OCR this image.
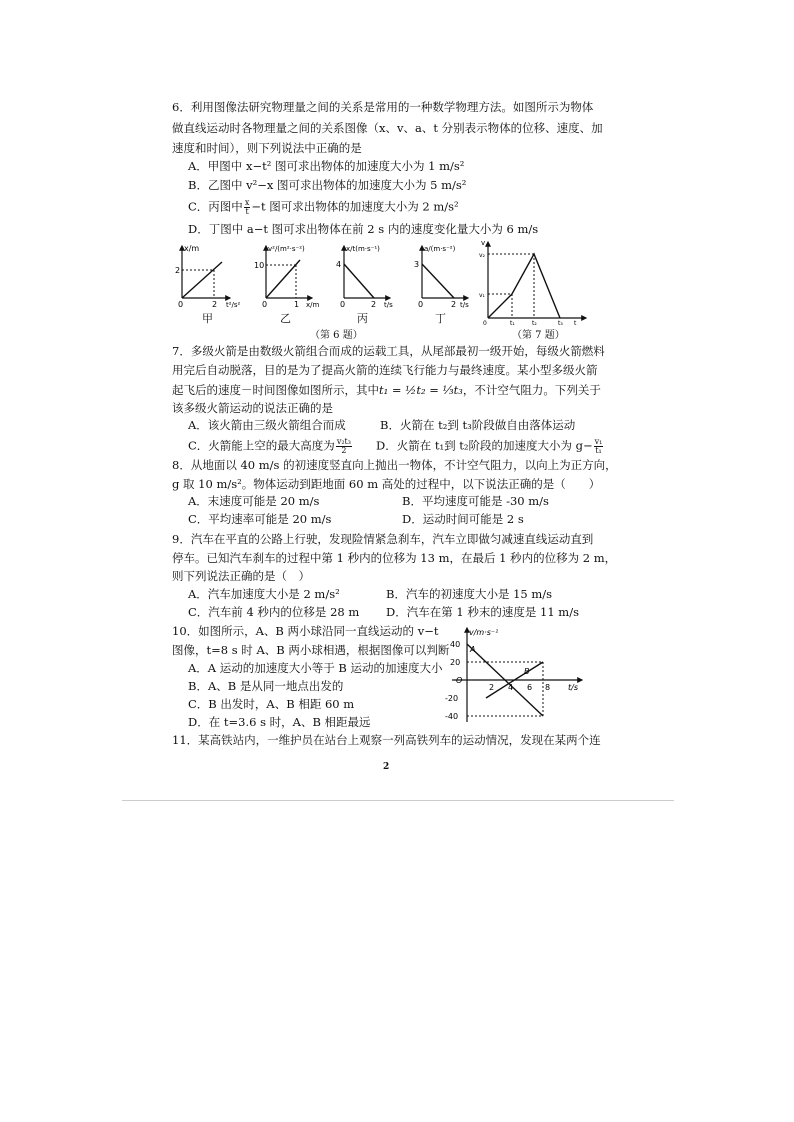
6．利用图像法研究物理量之间的关系是常用的一种数学物理方法。如图所示为物体
做直线运动时各物理量之间的关系图像（x、v、a、t 分别表示物体的位移、速度、加
速度和时间），则下列说法中正确的是
A．甲图中 x−t² 图可求出物体的加速度大小为 1 m/s²
B．乙图中 v²−x 图可求出物体的加速度大小为 5 m/s²
C．丙图中 $\frac{x}{t} -t$ 图可求出物体的加速度大小为 2 m/s²
D．丁图中 a−t 图可求出物体在前 2 s 内的速度变化量大小为 6 m/s
x/m
2
2 t²/s²
0
v²/(m²·s⁻²)
10
1 x/m
0
x/t(m·s⁻¹)
4
2 t/s
0
a/(m·s⁻²)
3
2 t/s
0
甲	乙	丙	丁
（第 6 题）
v
v₁
v₂
t₁	t₂	t₃ t
0
（第 7 题）
7．多级火箭是由数级火箭组合而成的运载工具，从尾部最初一级开始，每级火箭燃料
用完后自动脱落，目的是为了提高火箭的连续飞行能力与最终速度。某小型多级火箭
起飞后的速度－时间图像如图所示，其中t₁ = ½t₂ = ⅓t₃，不计空气阻力。下列关于
该多级火箭运动的说法正确的是
A．该火箭由三级火箭组合而成	B．火箭在 t₂到 t₃阶段做自由落体运动
C．火箭能上空的最大高度为 $\frac{\text{v₂t₃}}{2}$ D．火箭在 t₁到 t₂阶段的加速度大小为 $g- \frac{\text{v₁}}{\text{t₁}}$
8．从地面以 40 m/s 的初速度竖直向上抛出一物体，不计空气阻力，以向上为正方向，
g 取 10 m/s²。物体运动到距地面 60 m 高处的过程中，以下说法正确的是（　　）
A．末速度可能是 20 m/s	B．平均速度可能是 -30 m/s
C．平均速率可能是 20 m/s	D．运动时间可能是 2 s
9．汽车在平直的公路上行驶，发现险情紧急刹车，汽车立即做匀减速直线运动直到
停车。已知汽车刹车的过程中第 1 秒内的位移为 13 m，在最后 1 秒内的位移为 2 m，
则下列说法正确的是（　）
A．汽车加速度大小是 2 m/s²	B．汽车的初速度大小是 15 m/s
C．汽车前 4 秒内的位移是 28 m D．汽车在第 1 秒末的速度是 11 m/s
10．如图所示，A、B 两小球沿同一直线运动的 v−t
图像，t=8 s 时 A、B 两小球相遇，根据图像可以判断
A．A 运动的加速度大小等于 B 运动的加速度大小
B．A、B 是从同一地点出发的
C．B 出发时，A、B 相距 60 m
D．在 t=3.6 s 时，A、B 相距最远
v/m·s⁻¹
40
20
-20
-40
O
2 4 6 8 t/s
A
B
11．某高铁站内，一维护员在站台上观察一列高铁列车的运动情况，发现在某两个连
2
